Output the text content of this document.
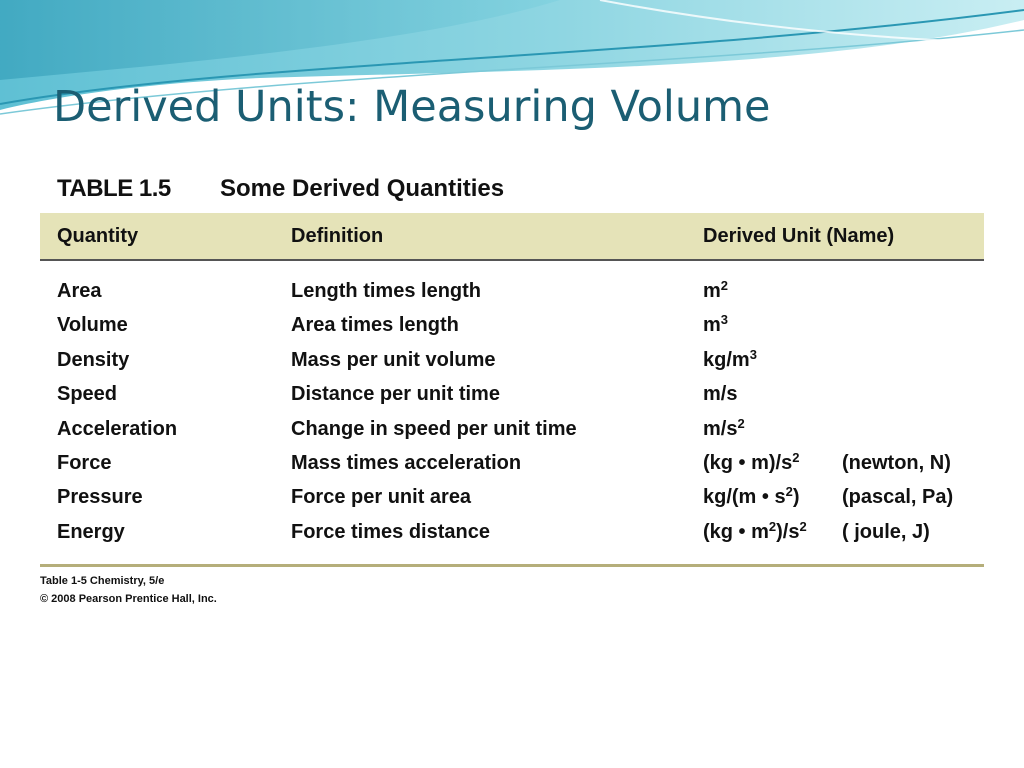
Derived Units: Measuring Volume
TABLE 1.5 Some Derived Quantities
Quantity	Definition	Derived Unit (Name)
Area	Length times length	$m^2$
Volume	Area times length	$m^3$
Density	Mass per unit volume	$kg/m^3$
Speed	Distance per unit time	m/s
Acceleration	Change in speed per unit time	$m/s^2$
Force	Mass times acceleration	(kg • $m)/s^2$ (newton, N)
Pressure	Force per unit area	kg/(m • $s^2$) (pascal, Pa)
Energy	Force times distance	(kg • $m^2)/s^2$ ( joule, J)
Table 1-5 Chemistry, 5/e
© 2008 Pearson Prentice Hall, Inc.
